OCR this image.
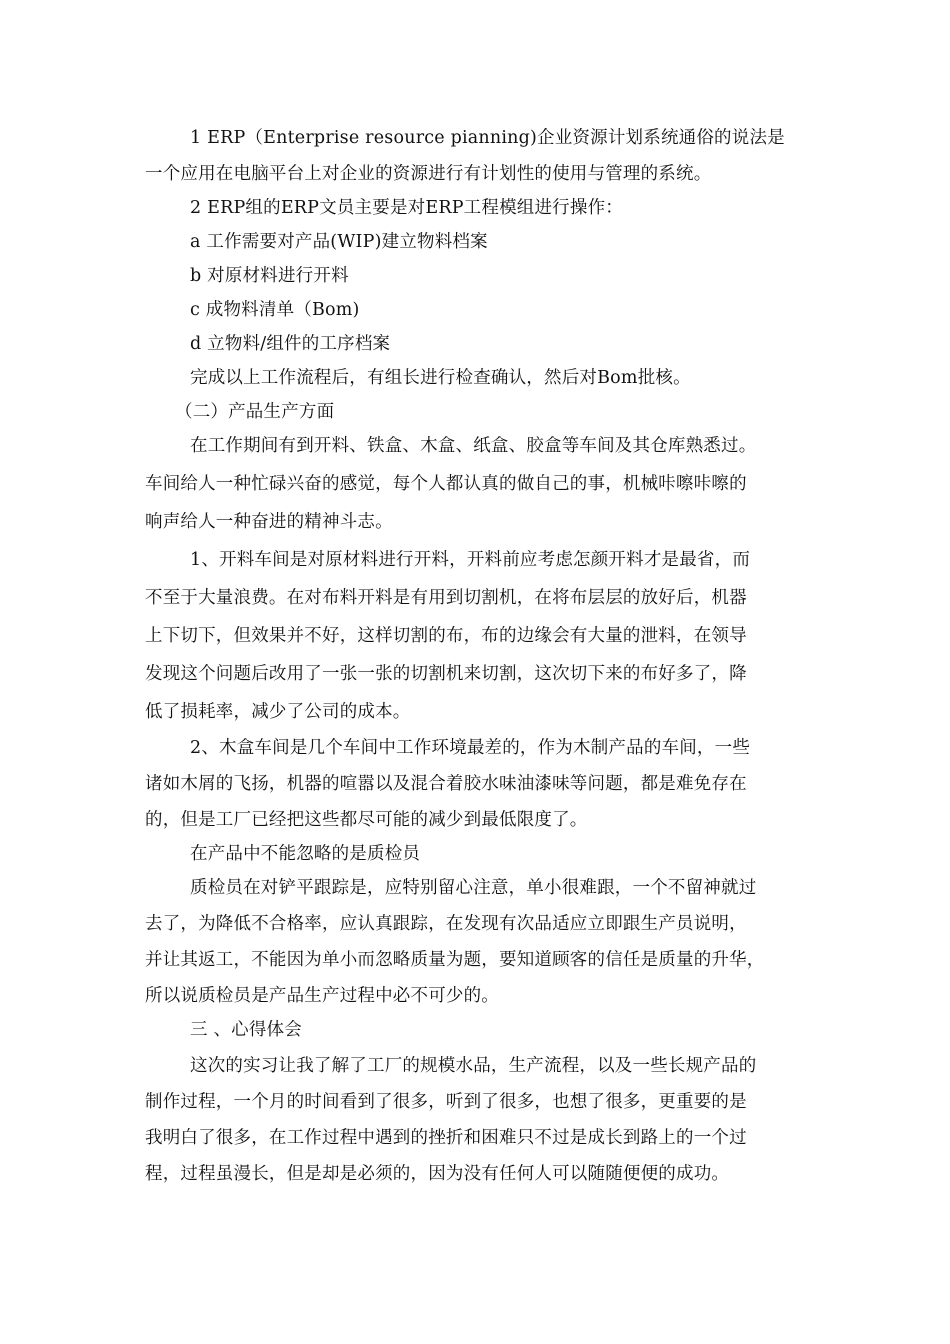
1 ERP（Enterprise resource pianning)企业资源计划系统通俗的说法是
一个应用在电脑平台上对企业的资源进行有计划性的使用与管理的系统。
2 ERP组的ERP文员主要是对ERP工程模组进行操作：
a 工作需要对产品(WIP)建立物料档案
b 对原材料进行开料
c 成物料清单（Bom)
d 立物料/组件的工序档案
完成以上工作流程后，有组长进行检查确认，然后对Bom批核。
（二）产品生产方面
在工作期间有到开料、铁盒、木盒、纸盒、胶盒等车间及其仓库熟悉过。
车间给人一种忙碌兴奋的感觉，每个人都认真的做自己的事，机械咔嚓咔嚓的
响声给人一种奋进的精神斗志。
1、开料车间是对原材料进行开料，开料前应考虑怎颜开料才是最省，而
不至于大量浪费。在对布料开料是有用到切割机，在将布层层的放好后，机器
上下切下，但效果并不好，这样切割的布，布的边缘会有大量的泄料，在领导
发现这个问题后改用了一张一张的切割机来切割，这次切下来的布好多了，降
低了损耗率，减少了公司的成本。
2、木盒车间是几个车间中工作环境最差的，作为木制产品的车间，一些
诸如木屑的飞扬，机器的喧嚣以及混合着胶水味油漆味等问题，都是难免存在
的，但是工厂已经把这些都尽可能的减少到最低限度了。
在产品中不能忽略的是质检员
质检员在对铲平跟踪是，应特别留心注意，单小很难跟，一个不留神就过
去了，为降低不合格率，应认真跟踪，在发现有次品适应立即跟生产员说明，
并让其返工，不能因为单小而忽略质量为题，要知道顾客的信任是质量的升华，
所以说质检员是产品生产过程中必不可少的。
三 、心得体会
这次的实习让我了解了工厂的规模水品，生产流程，以及一些长规产品的
制作过程，一个月的时间看到了很多，听到了很多，也想了很多，更重要的是
我明白了很多，在工作过程中遇到的挫折和困难只不过是成长到路上的一个过
程，过程虽漫长，但是却是必须的，因为没有任何人可以随随便便的成功。
